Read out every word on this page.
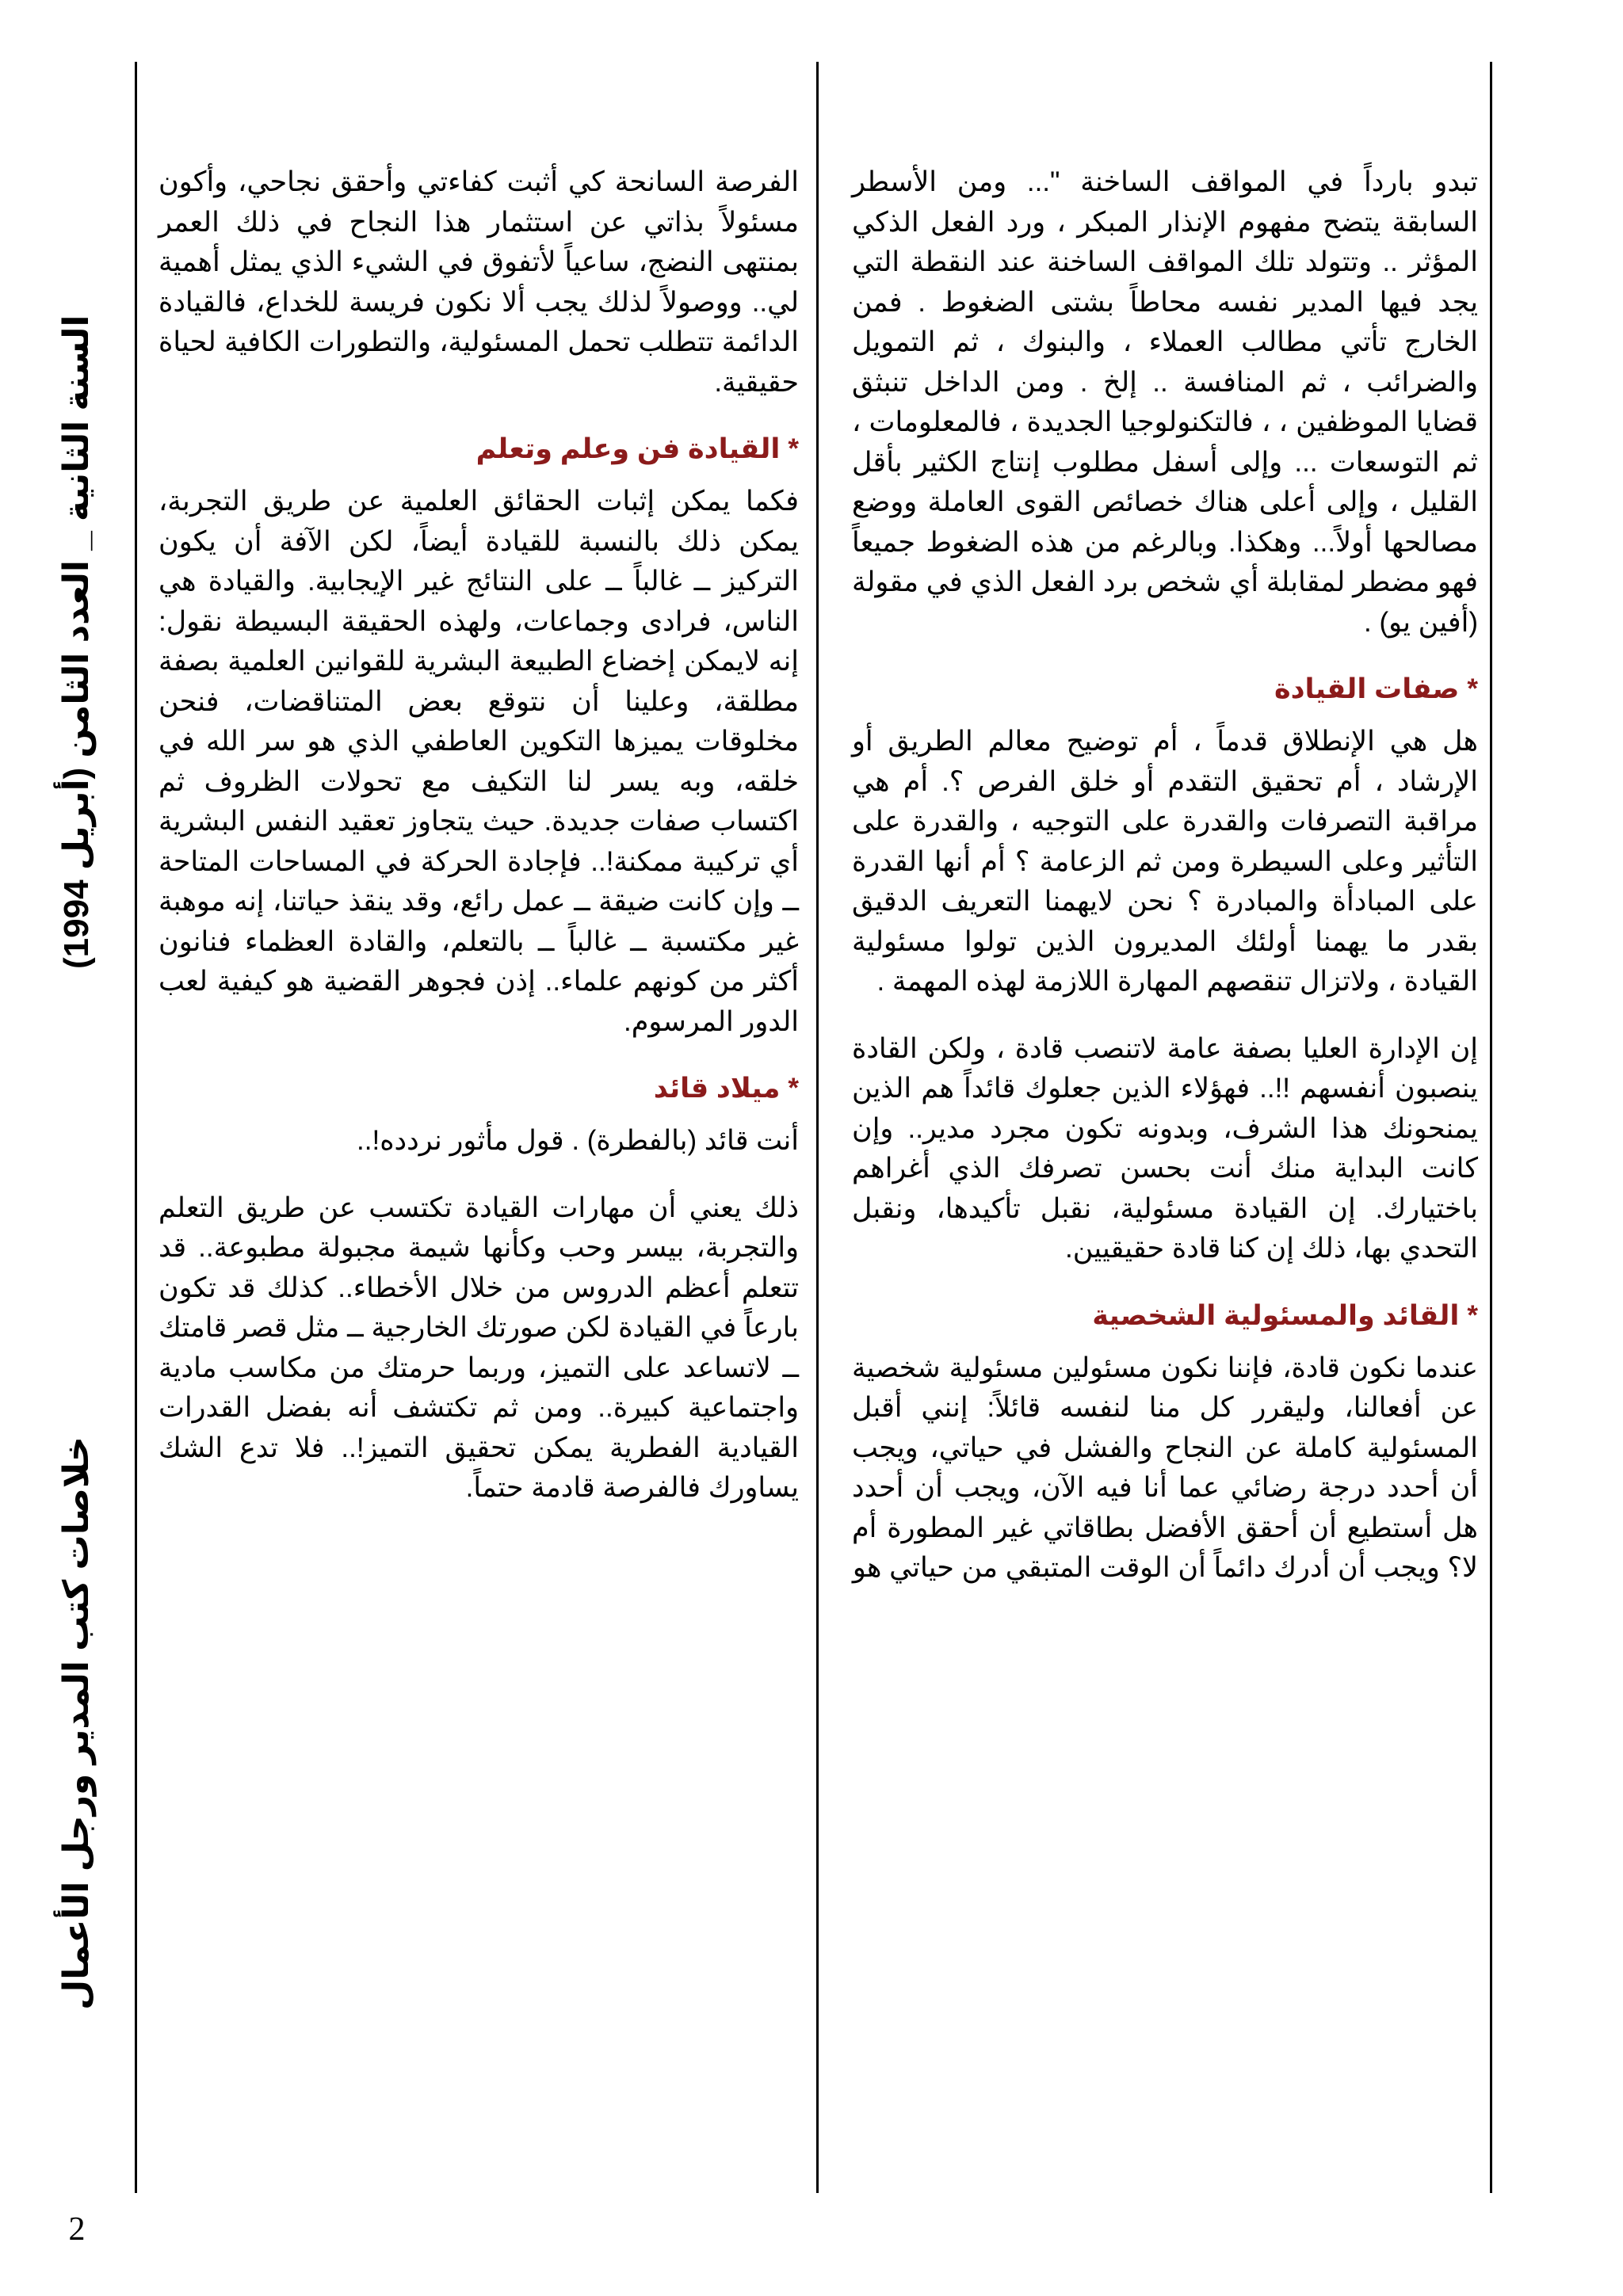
السنة الثانية _ العدد الثامن (أبريل 1994)
خلاصات كتب المدير ورجل الأعمال
2

تبدو بارداً في المواقف الساخنة "... ومن الأسطر السابقة يتضح مفهوم الإنذار المبكر ، ورد الفعل الذكي المؤثر .. وتتولد تلك المواقف الساخنة عند النقطة التي يجد فيها المدير نفسه محاطاً بشتى الضغوط . فمن الخارج تأتي مطالب العملاء ، والبنوك ، ثم التمويل والضرائب ، ثم المنافسة .. إلخ . ومن الداخل تنبثق قضايا الموظفين ، ، فالتكنولوجيا الجديدة ، فالمعلومات ، ثم التوسعات ... وإلى أسفل مطلوب إنتاج الكثير بأقل القليل ، وإلى أعلى هناك خصائص القوى العاملة ووضع مصالحها أولاً... وهكذا. وبالرغم من هذه الضغوط جميعاً فهو مضطر لمقابلة أي شخص برد الفعل الذي في مقولة (أفين يو) .

*صفات القيادة

هل هي الإنطلاق قدماً ، أم توضيح معالم الطريق أو الإرشاد ، أم تحقيق التقدم أو خلق الفرص ؟. أم هي مراقبة التصرفات والقدرة على التوجيه ، والقدرة على التأثير وعلى السيطرة ومن ثم الزعامة ؟ أم أنها القدرة على المبادأة والمبادرة ؟ نحن لايهمنا التعريف الدقيق بقدر ما يهمنا أولئك المديرون الذين تولوا مسئولية القيادة ، ولاتزال تنقصهم المهارة اللازمة لهذه المهمة .

إن الإدارة العليا بصفة عامة لاتنصب قادة ، ولكن القادة ينصبون أنفسهم !!.. فهؤلاء الذين جعلوك قائداً هم الذين يمنحونك هذا الشرف، وبدونه تكون مجرد مدير.. وإن كانت البداية منك أنت بحسن تصرفك الذي أغراهم باختيارك. إن القيادة مسئولية، نقبل تأكيدها، ونقبل التحدي بها، ذلك إن كنا قادة حقيقيين.

*القائد والمسئولية الشخصية

عندما نكون قادة، فإننا نكون مسئولين مسئولية شخصية عن أفعالنا، وليقرر كل منا لنفسه قائلاً: إنني أقبل المسئولية كاملة عن النجاح والفشل في حياتي، ويجب أن أحدد درجة رضائي عما أنا فيه الآن، ويجب أن أحدد هل أستطيع أن أحقق الأفضل بطاقاتي غير المطورة أم لا؟ ويجب أن أدرك دائماً أن الوقت المتبقي من حياتي هو

الفرصة السانحة كي أثبت كفاءتي وأحقق نجاحي، وأكون مسئولاً بذاتي عن استثمار هذا النجاح في ذلك العمر بمنتهى النضج، ساعياً لأتفوق في الشيء الذي يمثل أهمية لي.. ووصولاً لذلك يجب ألا نكون فريسة للخداع، فالقيادة الدائمة تتطلب تحمل المسئولية، والتطورات الكافية لحياة حقيقية.

*القيادة فن وعلم وتعلم

فكما يمكن إثبات الحقائق العلمية عن طريق التجربة، يمكن ذلك بالنسبة للقيادة أيضاً، لكن الآفة أن يكون التركيز ــ غالباً ــ على النتائج غير الإيجابية. والقيادة هي الناس، فرادى وجماعات، ولهذه الحقيقة البسيطة نقول: إنه لايمكن إخضاع الطبيعة البشرية للقوانين العلمية بصفة مطلقة، وعلينا أن نتوقع بعض المتناقضات، فنحن مخلوقات يميزها التكوين العاطفي الذي هو سر الله في خلقه، وبه يسر لنا التكيف مع تحولات الظروف ثم اكتساب صفات جديدة. حيث يتجاوز تعقيد النفس البشرية أي تركيبة ممكنة!.. فإجادة الحركة في المساحات المتاحة ــ وإن كانت ضيقة ــ عمل رائع، وقد ينقذ حياتنا، إنه موهبة غير مكتسبة ــ غالباً ــ بالتعلم، والقادة العظماء فنانون أكثر من كونهم علماء.. إذن فجوهر القضية هو كيفية لعب الدور المرسوم.

*ميلاد قائد

أنت قائد (بالفطرة) . قول مأثور نردده!..

ذلك يعني أن مهارات القيادة تكتسب عن طريق التعلم والتجربة، بيسر وحب وكأنها شيمة مجبولة مطبوعة.. قد تتعلم أعظم الدروس من خلال الأخطاء.. كذلك قد تكون بارعاً في القيادة لكن صورتك الخارجية ــ مثل قصر قامتك ــ لاتساعد على التميز، وربما حرمتك من مكاسب مادية واجتماعية كبيرة.. ومن ثم تكتشف أنه بفضل القدرات القيادية الفطرية يمكن تحقيق التميز!.. فلا تدع الشك يساورك فالفرصة قادمة حتماً.
